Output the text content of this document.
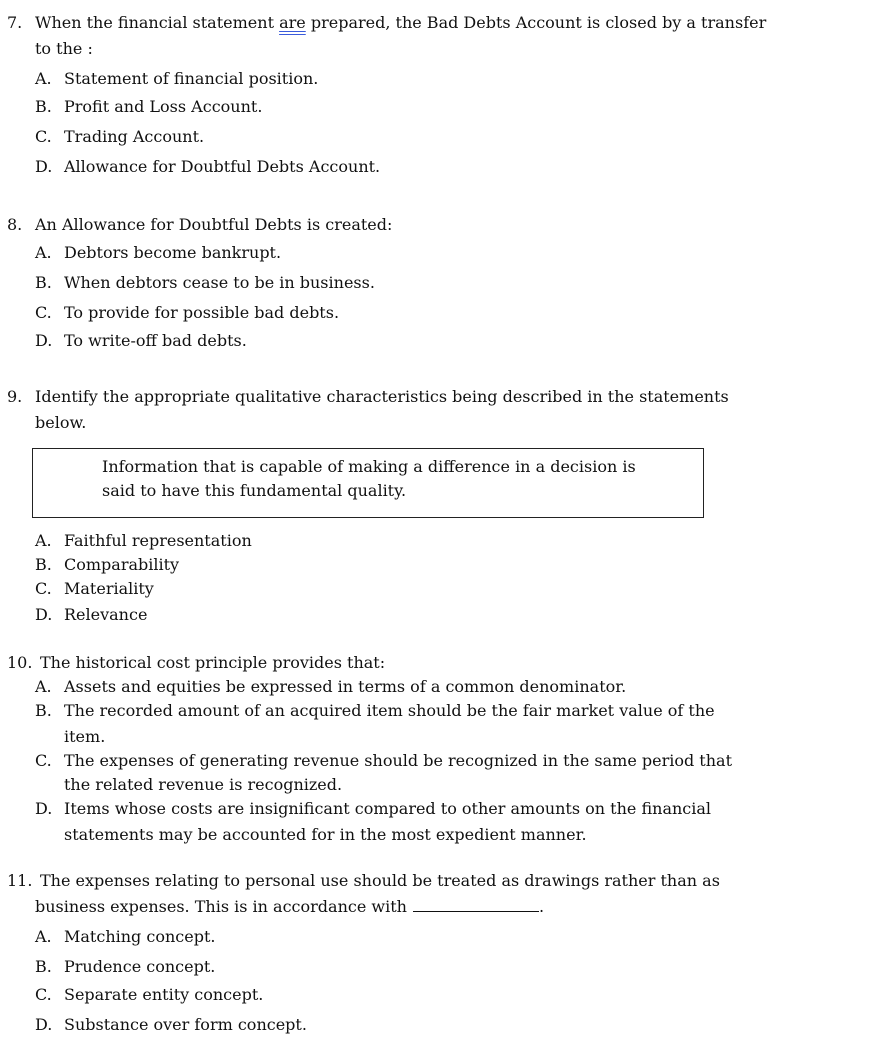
7. When the financial statement are prepared, the Bad Debts Account is closed by a transfer
to the :
A. Statement of financial position.
B. Profit and Loss Account.
C. Trading Account.
D. Allowance for Doubtful Debts Account.
8. An Allowance for Doubtful Debts is created:
A. Debtors become bankrupt.
B. When debtors cease to be in business.
C. To provide for possible bad debts.
D. To write-off bad debts.
9. Identify the appropriate qualitative characteristics being described in the statements
below.
Information that is capable of making a difference in a decision is
said to have this fundamental quality.
A. Faithful representation
B. Comparability
C. Materiality
D. Relevance
10. The historical cost principle provides that:
A. Assets and equities be expressed in terms of a common denominator.
B. The recorded amount of an acquired item should be the fair market value of the
item.
C. The expenses of generating revenue should be recognized in the same period that
the related revenue is recognized.
D. Items whose costs are insignificant compared to other amounts on the financial
statements may be accounted for in the most expedient manner.
11. The expenses relating to personal use should be treated as drawings rather than as
business expenses. This is in accordance with	.
A. Matching concept.
B. Prudence concept.
C. Separate entity concept.
D. Substance over form concept.
